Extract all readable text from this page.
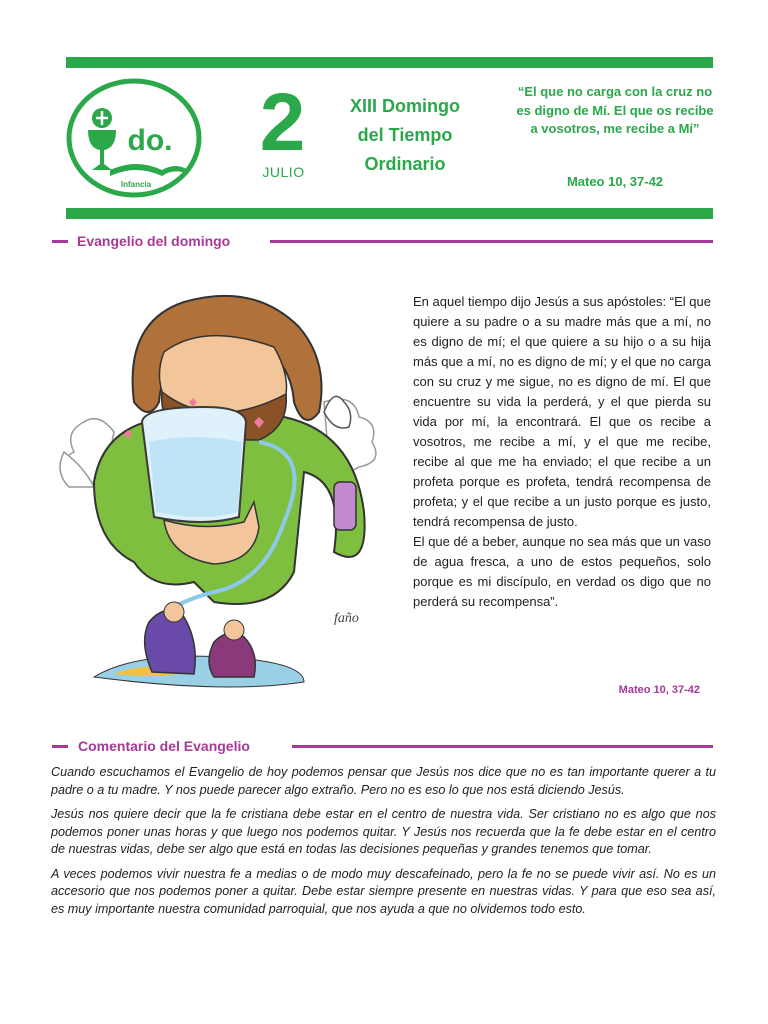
do.
Infancia
2
JULIO
XIII Domingo
del Tiempo
Ordinario
“El que no carga con la cruz no es digno de Mí. El que os recibe a vosotros, me recibe a Mí”
Mateo 10, 37-42
Evangelio del domingo
faño

En aquel tiempo dijo Jesús a sus apóstoles: “El que quiere a su padre o a su madre más que a mí, no es digno de mí; el que quiere a su hijo o a su hija más que a mí, no es digno de mí; y el que no carga con su cruz y me sigue, no es digno de mí. El que encuentre su vida la perderá, y el que pierda su vida por mí, la encontrará. El que os recibe a vosotros, me recibe a mí, y el que me recibe, recibe al que me ha enviado; el que recibe a un profeta porque es profeta, tendrá recompensa de profeta; y el que recibe a un justo porque es justo, tendrá recompensa de justo.

El que dé a beber, aunque no sea más que un vaso de agua fresca, a uno de estos pequeños, solo porque es mi discípulo, en verdad os digo que no perderá su recompensa”.

Mateo 10, 37-42
Comentario del Evangelio

Cuando escuchamos el Evangelio de hoy podemos pensar que Jesús nos dice que no es tan importante querer a tu padre o a tu madre. Y nos puede parecer algo extraño. Pero no es eso lo que nos está diciendo Jesús.

Jesús nos quiere decir que la fe cristiana debe estar en el centro de nuestra vida. Ser cristiano no es algo que nos podemos poner unas horas y que luego nos podemos quitar. Y Jesús nos recuerda que la fe debe estar en el centro de nuestras vidas, debe ser algo que está en todas las decisiones pequeñas y grandes tenemos que tomar.

A veces podemos vivir nuestra fe a medias o de modo muy descafeinado, pero la fe no se puede vivir así. No es un accesorio que nos podemos poner a quitar. Debe estar siempre presente en nuestras vidas. Y para que eso sea así, es muy importante nuestra comunidad parroquial, que nos ayuda a que no olvidemos todo esto.
